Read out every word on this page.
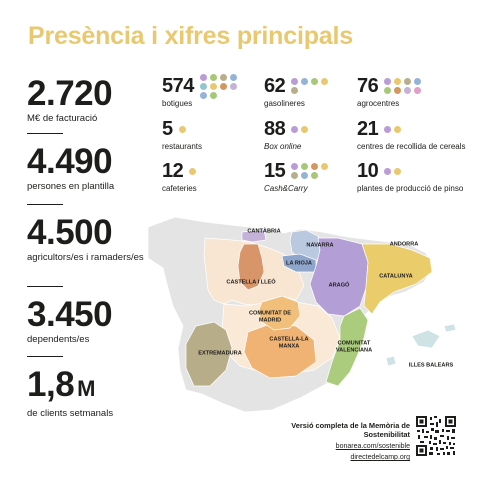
Presència i xifres principals
2.720
M€ de facturació
4.490
persones en plantilla
4.500
agricultors/es i ramaders/es
3.450
dependents/es
1,8 M
de clients setmanals
574
botigues
62
gasolineres
76
agrocentres
5
restaurants
88
Box online
21
centres de recollida de cereals
12
cafeteries
15
Cash&Carry
10
plantes de producció de pinso
CANTÀBRIA
NAVARRA
LA RIOJA
ANDORRA
CATALUNYA
ARAGÓ
CASTELLA I LLEÓ
COMUNITAT DE MADRID
CASTELLA-LA MANXA	COMUNITAT VALENCIANA
EXTREMADURA
ILLES BALEARS
Versió completa de la Memòria de Sostenibilitat
bonarea.com/sostenible
directedelcamp.org
